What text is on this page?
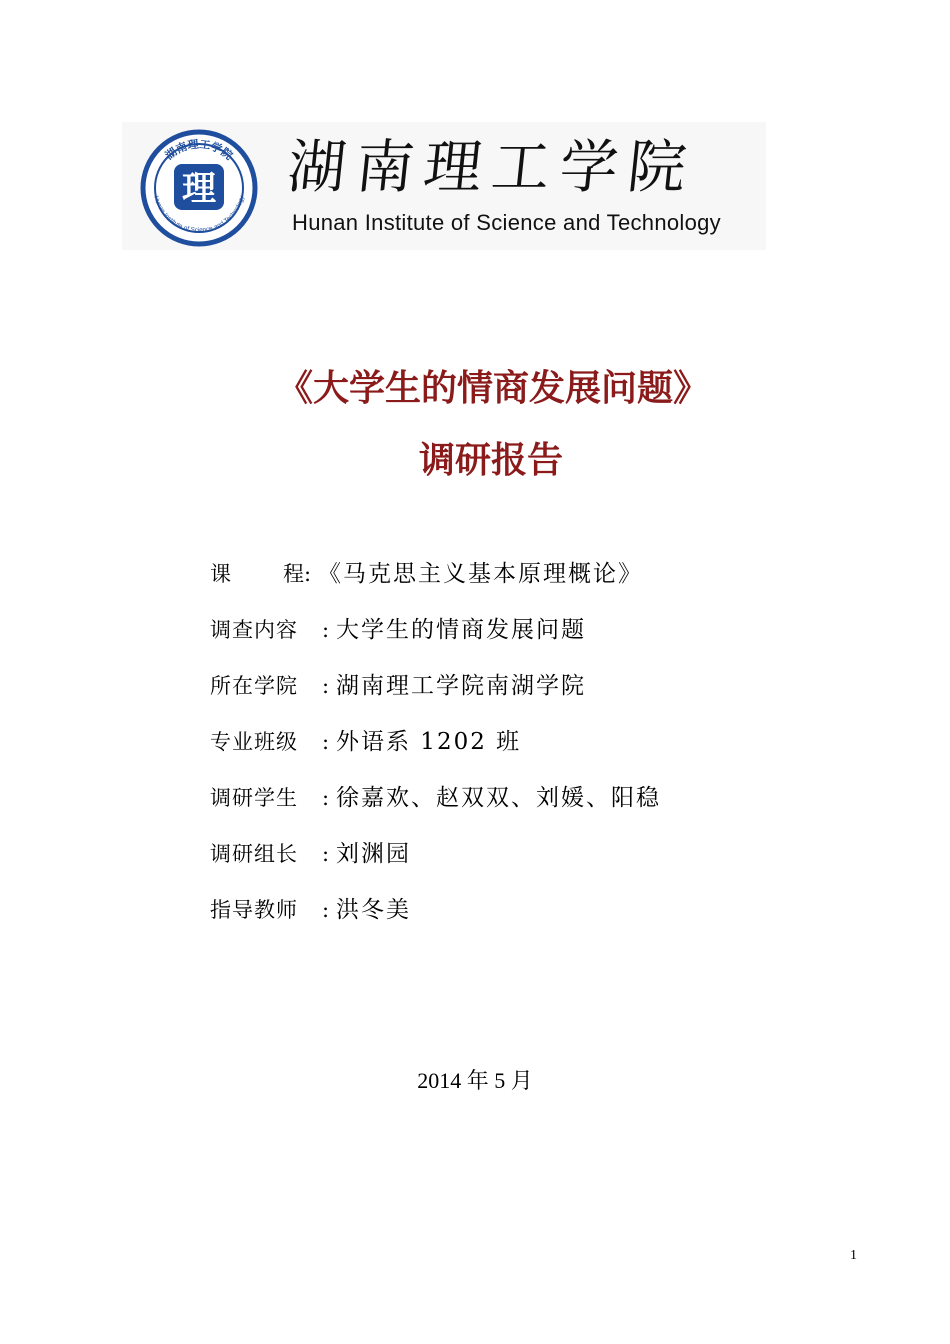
湖南理工学院
Hunan Institute of Science and Technology
理 湖南理工学院
Hunan Institute of Science and Technology
《大学生的情商发展问题》
调研报告
课 程 : 《马克思主义基本原理概论》
调查内容 : 大学生的情商发展问题
所在学院 : 湖南理工学院南湖学院
专业班级 : 外语系 1202 班
调研学生 : 徐嘉欢、赵双双、刘媛、阳稳
调研组长 : 刘渊园
指导教师 : 洪冬美
2014 年 5 月
1
